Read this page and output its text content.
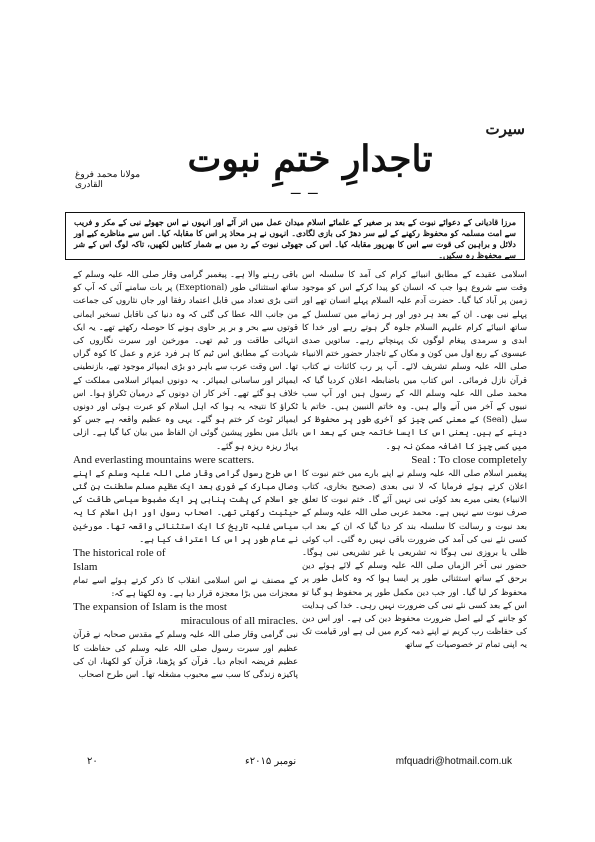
سیرت
تاجدارِ ختمِ نبوت
‒ ‒
مولانا محمد فروغ القادری
مرزا قادیانی کے دعوائے نبوت کے بعد بر صغیر کے علمائے اسلام میدان عمل میں اتر آئے اور انہوں نے اس جھوٹے نبی کے مکر و فریب سے امت مسلمہ کو محفوظ رکھنے کے لیے سر دھڑ کی بازی لگادی۔ انہوں نے ہر محاذ پر اس کا مقابلہ کیا۔ اس سے مناظرے کیے اور دلائل و براہین کی قوت سے اس کا بھرپور مقابلہ کیا۔ اس کی جھوٹی نبوت کے رد میں بے شمار کتابیں لکھیں، تاکہ لوگ اس کے شر سے محفوظ رہ سکیں۔

اسلامی عقیدے کے مطابق انبیائے کرام کی آمد کا سلسلہ اس وقت سے شروع ہوا جب کہ انسان کو پیدا کرکے اس کو موجود زمین پر آباد کیا گیا۔ حضرت آدم علیہ السلام پہلے انسان تھے اور پہلے نبی بھی۔ ان کے بعد ہر دور اور ہر زمانے میں تسلسل کے ساتھ انبیائے کرام علیہم السلام جلوہ گر ہوتے رہے اور خدا کا ابدی و سرمدی پیغام لوگوں تک پہنچاتے رہے۔ ساتویں صدی عیسوی کے ربع اول میں کون و مکاں کے تاجدار حضور ختم الانبیاء صلی اللہ علیہ وسلم تشریف لائے۔ آپ پر رب کائنات نے کتاب قرآن نازل فرمائی۔ اس کتاب میں باضابطہ اعلان کردیا گیا کہ محمد صلی اللہ علیہ وسلم اللہ کے رسول ہیں اور آپ سب نبیوں کے آخر میں آنے والے ہیں۔ وہ خاتم النبیین ہیں۔ خاتم یا سیل (Seal) کے معنی کسی چیز کو آخری طور پر محفوظ کر دینے کے ہیں۔ یعنی اس کا ایسا خاتمہ جس کے بعد اس میں کسی چیز کا اضافہ ممکن نہ ہو۔

Seal : To close completely

پیغمبر اسلام صلی اللہ علیہ وسلم نے اپنے بارے میں ختم نبوت کا اعلان کرتے ہوئے فرمایا کہ لا نبی بعدی (صحیح بخاری، کتاب الانبیاء) یعنی میرے بعد کوئی نبی نہیں آئے گا۔ ختم نبوت کا تعلق صرف نبوت سے نہیں ہے۔ محمد عربی صلی اللہ علیہ وسلم کے بعد نبوت و رسالت کا سلسلہ بند کر دیا گیا کہ ان کے بعد اب کسی نئے نبی کی آمد کی ضرورت باقی نہیں رہ گئی۔ اب کوئی ظلی یا بروزی نبی ہوگا نہ تشریعی یا غیر تشریعی نبی ہوگا۔ حضور نبی آخر الزماں صلی اللہ علیہ وسلم کے لائے ہوئے دین برحق کے ساتھ استثنائی طور پر ایسا ہوا کہ وہ کامل طور پر محفوظ کر لیا گیا۔ اور جب دین مکمل طور پر محفوظ ہو گیا تو اس کے بعد کسی نئے نبی کی ضرورت نہیں رہی۔ خدا کی ہدایت کو جاننے کے لیے اصل ضرورت محفوظ دین کی ہے۔ اور اس دین کی حفاظت رب کریم نے اپنے ذمہ کرم میں لی ہے اور قیامت تک یہ اپنی تمام تر خصوصیات کے ساتھ

باقی رہنے والا ہے۔ پیغمبر گرامی وقار صلی اللہ علیہ وسلم کے ساتھ استثنائی طور (Exeptional) پر بات سامنے آئی کہ آپ کو اتنی بڑی تعداد میں قابل اعتماد رفقا اور جاں نثاروں کی جماعت من جانب اللہ عطا کی گئی کہ وہ دنیا کی ناقابل تسخیر ایمانی قوتوں سے بحر و بر پر حاوی ہونے کا حوصلہ رکھتے تھے۔ یہ ایک انتہائی طاقت ور ٹیم تھی۔ مورخین اور سیرت نگاروں کی شہادت کے مطابق اس ٹیم کا ہر فرد عزم و عمل کا کوہ گراں تھا۔ اس وقت عرب سے باہر دو بڑی ایمپائر موجود تھے، بازنطینی ایمپائر اور ساسانی ایمپائر۔ یہ دونوں ایمپائر اسلامی مملکت کے خلاف ہو گئے تھے۔ آخر کار ان دونوں کے درمیان ٹکراؤ ہوا۔ اس ٹکراؤ کا نتیجہ یہ ہوا کہ اہل اسلام کو عبرت ہوئی اور دونوں ایمپائر ٹوٹ کر ختم ہو گئے۔ یہی وہ عظیم واقعہ ہے جس کو بائبل میں بطور پیشین گوئی ان الفاظ میں بیان کیا گیا ہے۔ ازلی پہاڑ ریزہ ریزہ ہو گئے۔

And everlasting mountains were scatters.

اس طرح رسول گرامی وقار صلی اللہ علیہ وسلم کے اپنے وصال مبارک کے فوری بعد ایک عظیم مسلم سلطنت بن گئی جو اسلام کی پشت پناہی پر ایک مضبوط سیاسی طاقت کی حیثیت رکھتی تھی۔ اصحاب رسول اور اہل اسلام کا یہ سیاسی غلبہ تاریخ کا ایک استثنائی واقعہ تھا۔ مورخین نے عام طور پر اس کا اعتراف کیا ہے۔

The historical role of

Islam

کے مصنف نے اس اسلامی انقلاب کا ذکر کرتے ہوئے اسے تمام معجزات میں بڑا معجزہ قرار دیا ہے۔ وہ لکھتا ہے کہ:

The expansion of Islam is the most

miraculous of all miracles.

نبی گرامی وقار صلی اللہ علیہ وسلم کے مقدس صحابہ نے قرآن عظیم اور سیرت رسول صلی اللہ علیہ وسلم کی حفاظت کا عظیم فریضہ انجام دیا۔ قرآن کو پڑھنا، قرآن کو لکھنا، ان کی پاکیزہ زندگی کا سب سے محبوب مشغلہ تھا۔ اس طرح اصحاب

۲۰	نومبر ۲۰۱۵ء	mfquadri@hotmail.com.uk
